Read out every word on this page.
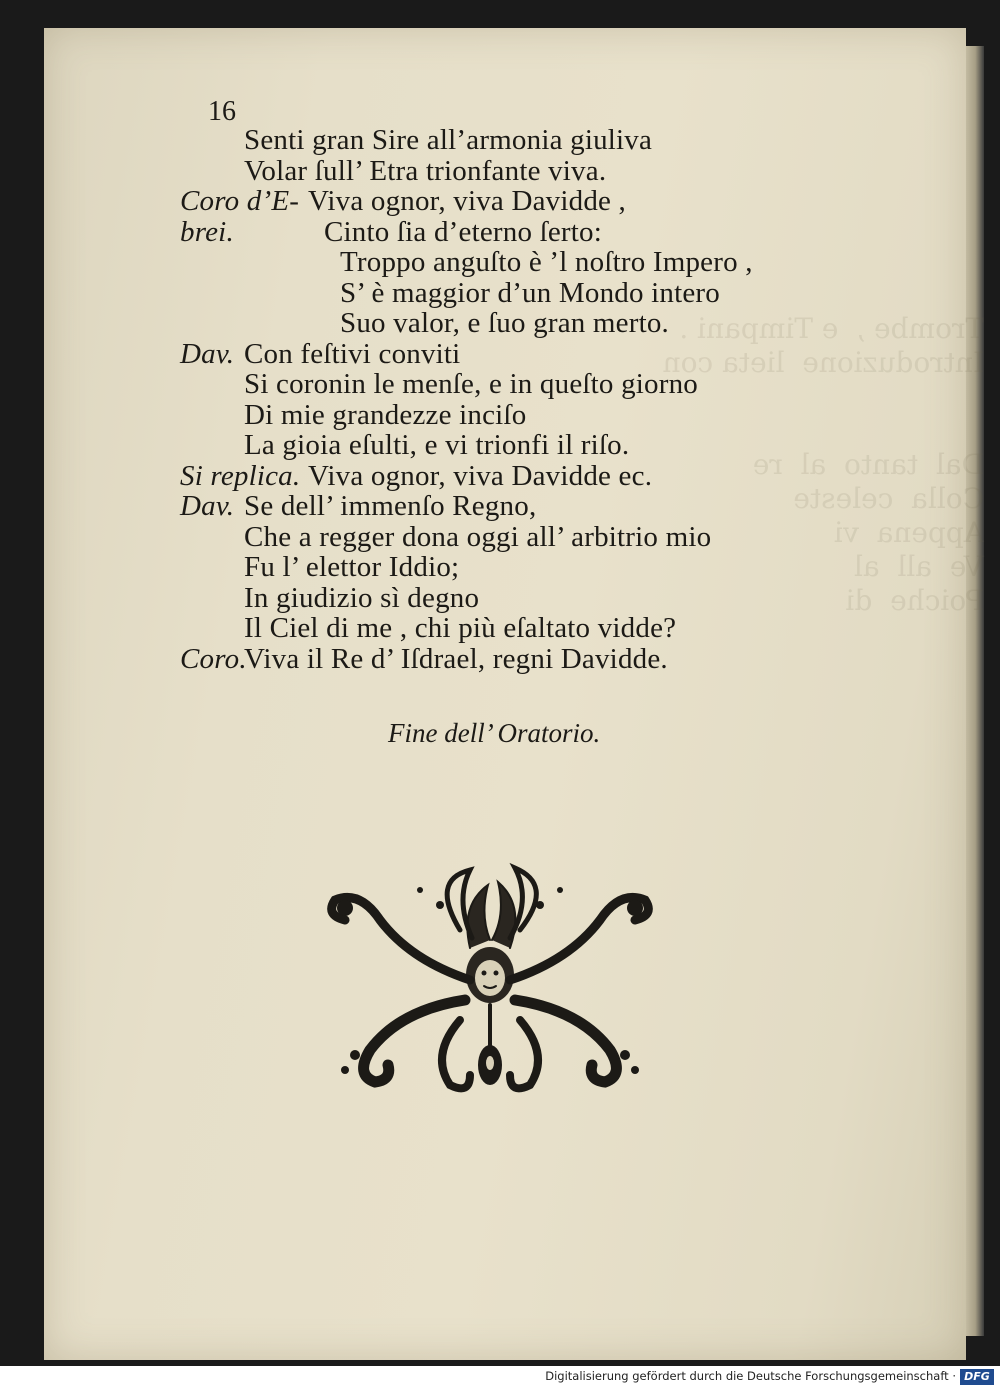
Trombe ,  e Timpani .
Introduzione  lieta con

Dal  tanto  al  re
Colla  celeste
Appena  vi
all  al
Poiche  di

16
Senti gran Sire all’armonia giuliva
Volar ſull’ Etra trionfante viva.
Coro d’E- Viva ognor, viva Davidde ,
brei.	Cinto ſia d’eterno ſerto:
Troppo anguſto è ’l noſtro Impero ,
S’ è maggior d’un Mondo intero
Suo valor, e ſuo gran merto.
Dav. Con feſtivi conviti
Si coronin le menſe, e in queſto giorno
Di mie grandezze inciſo
La gioia eſulti, e vi trionfi il riſo.
Si replica. Viva ognor, viva Davidde ec.
Dav. Se dell’ immenſo Regno,
Che a regger dona oggi all’ arbitrio mio
Fu l’ elettor Iddio;
In giudizio sì degno
Il Ciel di me , chi più eſaltato vidde?
Coro.
Viva il Re d’ Iſdrael, regni Davidde.
Fine dell’ Oratorio.
Digitalisierung gefördert durch die Deutsche Forschungsgemeinschaft · DFG
